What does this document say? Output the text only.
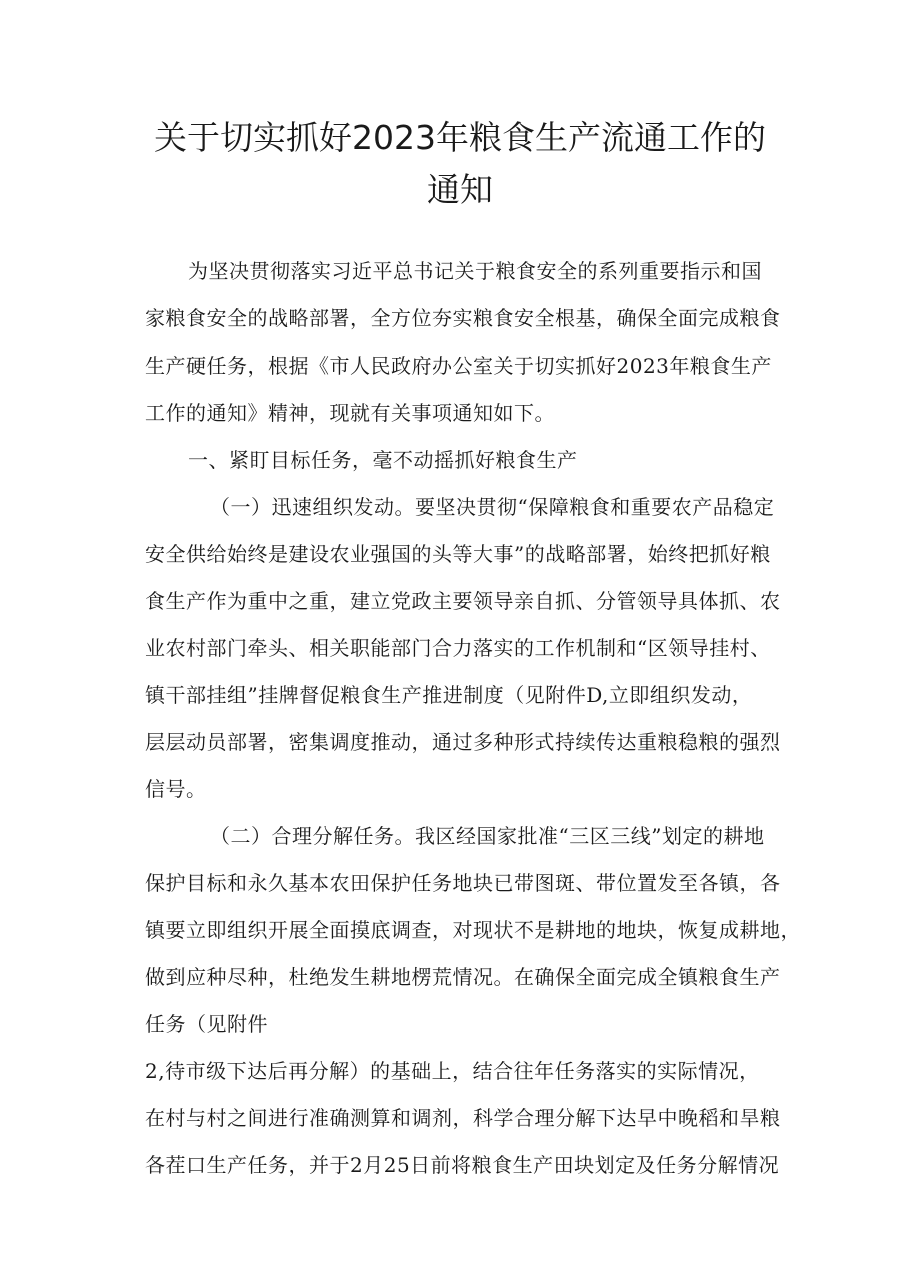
关于切实抓好2023年粮食生产流通工作的通知
为坚决贯彻落实习近平总书记关于粮食安全的系列重要指示和国
家粮食安全的战略部署，全方位夯实粮食安全根基，确保全面完成粮食
生产硬任务，根据《市人民政府办公室关于切实抓好2023年粮食生产
工作的通知》精神，现就有关事项通知如下。
一、紧盯目标任务，毫不动摇抓好粮食生产
（一）迅速组织发动。要坚决贯彻“保障粮食和重要农产品稳定
安全供给始终是建设农业强国的头等大事”的战略部署，始终把抓好粮
食生产作为重中之重，建立党政主要领导亲自抓、分管领导具体抓、农
业农村部门牵头、相关职能部门合力落实的工作机制和“区领导挂村、
镇干部挂组”挂牌督促粮食生产推进制度（见附件D,立即组织发动，
层层动员部署，密集调度推动，通过多种形式持续传达重粮稳粮的强烈
信号。
（二）合理分解任务。我区经国家批准“三区三线”划定的耕地
保护目标和永久基本农田保护任务地块已带图斑、带位置发至各镇，各
镇要立即组织开展全面摸底调查，对现状不是耕地的地块，恢复成耕地，
做到应种尽种，杜绝发生耕地楞荒情况。在确保全面完成全镇粮食生产
任务（见附件
2,待市级下达后再分解）的基础上，结合往年任务落实的实际情况，
在村与村之间进行准确测算和调剂，科学合理分解下达早中晚稻和旱粮
各茬口生产任务，并于2月25日前将粮食生产田块划定及任务分解情况
